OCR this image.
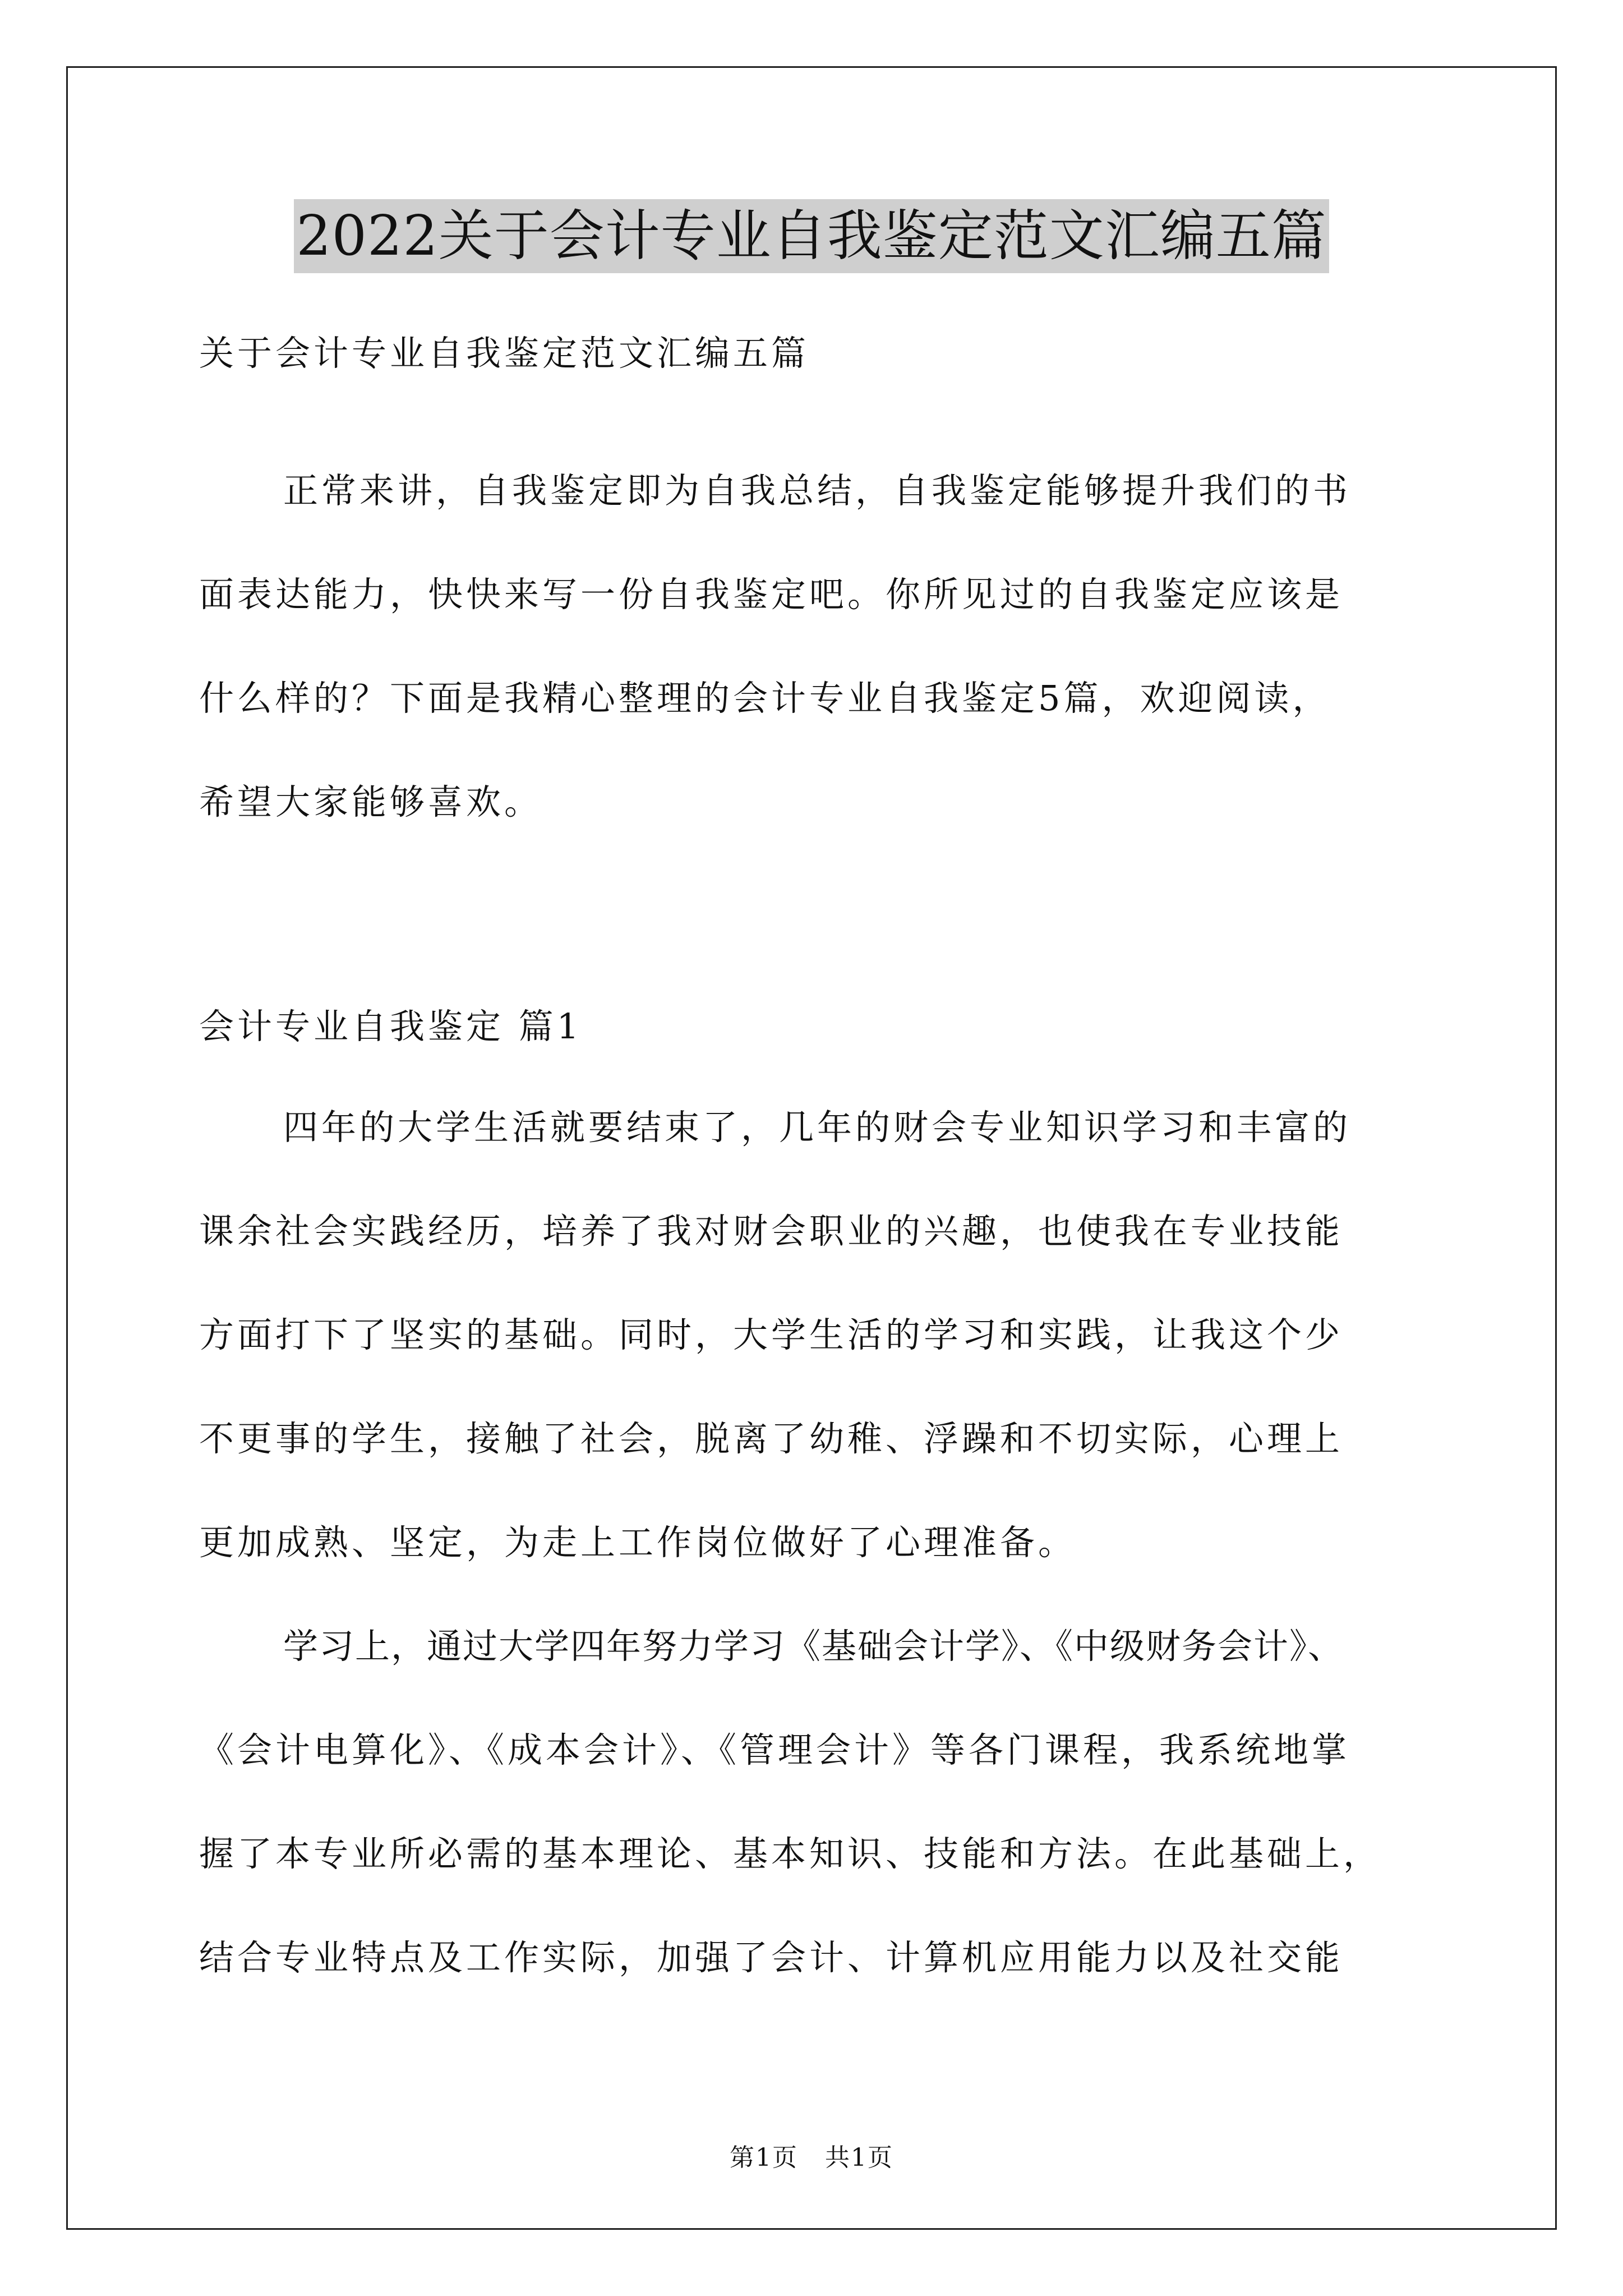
2022关于会计专业自我鉴定范文汇编五篇
关于会计专业自我鉴定范文汇编五篇
正常来讲，自我鉴定即为自我总结，自我鉴定能够提升我们的书
面表达能力，快快来写一份自我鉴定吧。你所见过的自我鉴定应该是
什么样的？下面是我精心整理的会计专业自我鉴定5篇，欢迎阅读，
希望大家能够喜欢。
会计专业自我鉴定 篇1
四年的大学生活就要结束了，几年的财会专业知识学习和丰富的
课余社会实践经历，培养了我对财会职业的兴趣，也使我在专业技能
方面打下了坚实的基础。同时，大学生活的学习和实践，让我这个少
不更事的学生，接触了社会，脱离了幼稚、浮躁和不切实际，心理上
更加成熟、坚定，为走上工作岗位做好了心理准备。
学习上，通过大学四年努力学习《基础会计学》、《中级财务会计》、
《会计电算化》、《成本会计》、《管理会计》等各门课程，我系统地掌
握了本专业所必需的基本理论、基本知识、技能和方法。在此基础上，
结合专业特点及工作实际，加强了会计、计算机应用能力以及社交能
第1页   共1页
